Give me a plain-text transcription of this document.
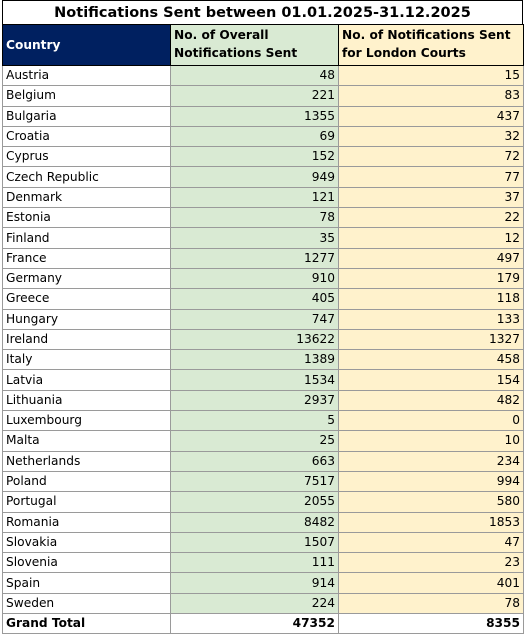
Notifications Sent between 01.01.2025-31.12.2025
Country	No. of Overall Notifications Sent	No. of Notifications Sent for London Courts
Austria	48	15
Belgium	221	83
Bulgaria	1355	437
Croatia	69	32
Cyprus	152	72
Czech Republic	949	77
Denmark	121	37
Estonia	78	22
Finland	35	12
France	1277	497
Germany	910	179
Greece	405	118
Hungary	747	133
Ireland	13622	1327
Italy	1389	458
Latvia	1534	154
Lithuania	2937	482
Luxembourg	5	0
Malta	25	10
Netherlands	663	234
Poland	7517	994
Portugal	2055	580
Romania	8482	1853
Slovakia	1507	47
Slovenia	111	23
Spain	914	401
Sweden	224	78
Grand Total	47352	8355
